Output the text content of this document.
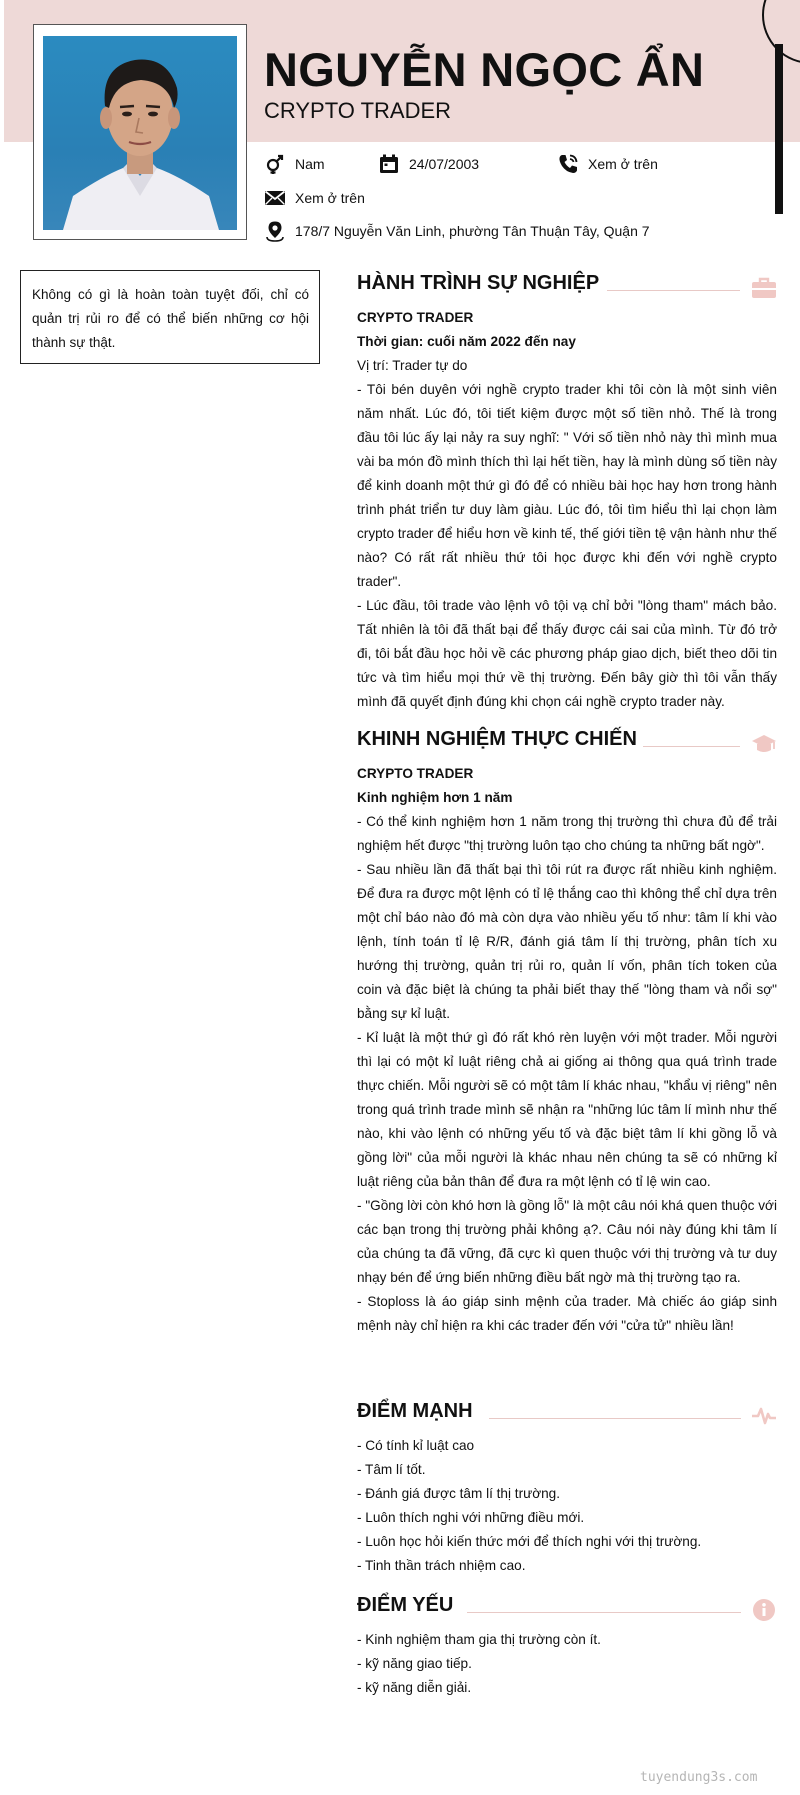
NGUYỄN NGỌC ẨN
CRYPTO TRADER
Nam	24/07/2003	Xem ở trên
Xem ở trên
178/7 Nguyễn Văn Linh, phường Tân Thuận Tây, Quận 7
Không có gì là hoàn toàn tuyệt đối, chỉ có quản trị rủi ro để có thể biến những cơ hội thành sự thật.
HÀNH TRÌNH SỰ NGHIỆP

CRYPTO TRADER

Thời gian: cuối năm 2022 đến nay

Vị trí: Trader tự do

- Tôi bén duyên với nghề crypto trader khi tôi còn là một sinh viên năm nhất. Lúc đó, tôi tiết kiệm được một số tiền nhỏ. Thế là trong đầu tôi lúc ấy lại nảy ra suy nghĩ: " Với số tiền nhỏ này thì mình mua vài ba món đồ mình thích thì lại hết tiền, hay là mình dùng số tiền này để kinh doanh một thứ gì đó để có nhiều bài học hay hơn trong hành trình phát triển tư duy làm giàu. Lúc đó, tôi tìm hiểu thì lại chọn làm crypto trader để hiểu hơn về kinh tế, thế giới tiền tệ vận hành như thế nào? Có rất rất nhiều thứ tôi học được khi đến với nghề crypto trader".

- Lúc đầu, tôi trade vào lệnh vô tội vạ chỉ bởi "lòng tham" mách bảo. Tất nhiên là tôi đã thất bại để thấy được cái sai của mình. Từ đó trở đi, tôi bắt đầu học hỏi về các phương pháp giao dịch, biết theo dõi tin tức và tìm hiểu mọi thứ về thị trường. Đến bây giờ thì tôi vẫn thấy mình đã quyết định đúng khi chọn cái nghề crypto trader này.

KHINH NGHIỆM THỰC CHIẾN

CRYPTO TRADER

Kinh nghiệm hơn 1 năm

- Có thể kinh nghiệm hơn 1 năm trong thị trường thì chưa đủ để trải nghiệm hết được "thị trường luôn tạo cho chúng ta những bất ngờ".

- Sau nhiều lần đã thất bại thì tôi rút ra được rất nhiều kinh nghiệm. Để đưa ra được một lệnh có tỉ lệ thắng cao thì không thể chỉ dựa trên một chỉ báo nào đó mà còn dựa vào nhiều yếu tố như: tâm lí khi vào lệnh, tính toán tỉ lệ R/R, đánh giá tâm lí thị trường, phân tích xu hướng thị trường, quản trị rủi ro, quản lí vốn, phân tích token của coin và đặc biệt là chúng ta phải biết thay thế "lòng tham và nổi sợ" bằng sự kỉ luật.

- Kỉ luật là một thứ gì đó rất khó rèn luyện với một trader. Mỗi người thì lại có một kỉ luật riêng chả ai giống ai thông qua quá trình trade thực chiến. Mỗi người sẽ có một tâm lí khác nhau, "khẩu vị riêng" nên trong quá trình trade mình sẽ nhận ra "những lúc tâm lí mình như thế nào, khi vào lệnh có những yếu tố và đặc biệt tâm lí khi gồng lỗ và gồng lời" của mỗi người là khác nhau nên chúng ta sẽ có những kỉ luật riêng của bản thân để đưa ra một lệnh có tỉ lệ win cao.

- "Gồng lời còn khó hơn là gồng lỗ" là một câu nói khá quen thuộc với các bạn trong thị trường phải không ạ?. Câu nói này đúng khi tâm lí của chúng ta đã vững, đã cực kì quen thuộc với thị trường và tư duy nhạy bén để ứng biến những điều bất ngờ mà thị trường tạo ra.

- Stoploss là áo giáp sinh mệnh của trader. Mà chiếc áo giáp sinh mệnh này chỉ hiện ra khi các trader đến với "cửa tử" nhiều lần!

ĐIỂM MẠNH

- Có tính kỉ luật cao

- Tâm lí tốt.

- Đánh giá được tâm lí thị trường.

- Luôn thích nghi với những điều mới.

- Luôn học hỏi kiến thức mới để thích nghi với thị trường.

- Tinh thần trách nhiệm cao.

ĐIỂM YẾU

- Kinh nghiệm tham gia thị trường còn ít.

- kỹ năng giao tiếp.

- kỹ năng diễn giải.

tuyendung3s.com
